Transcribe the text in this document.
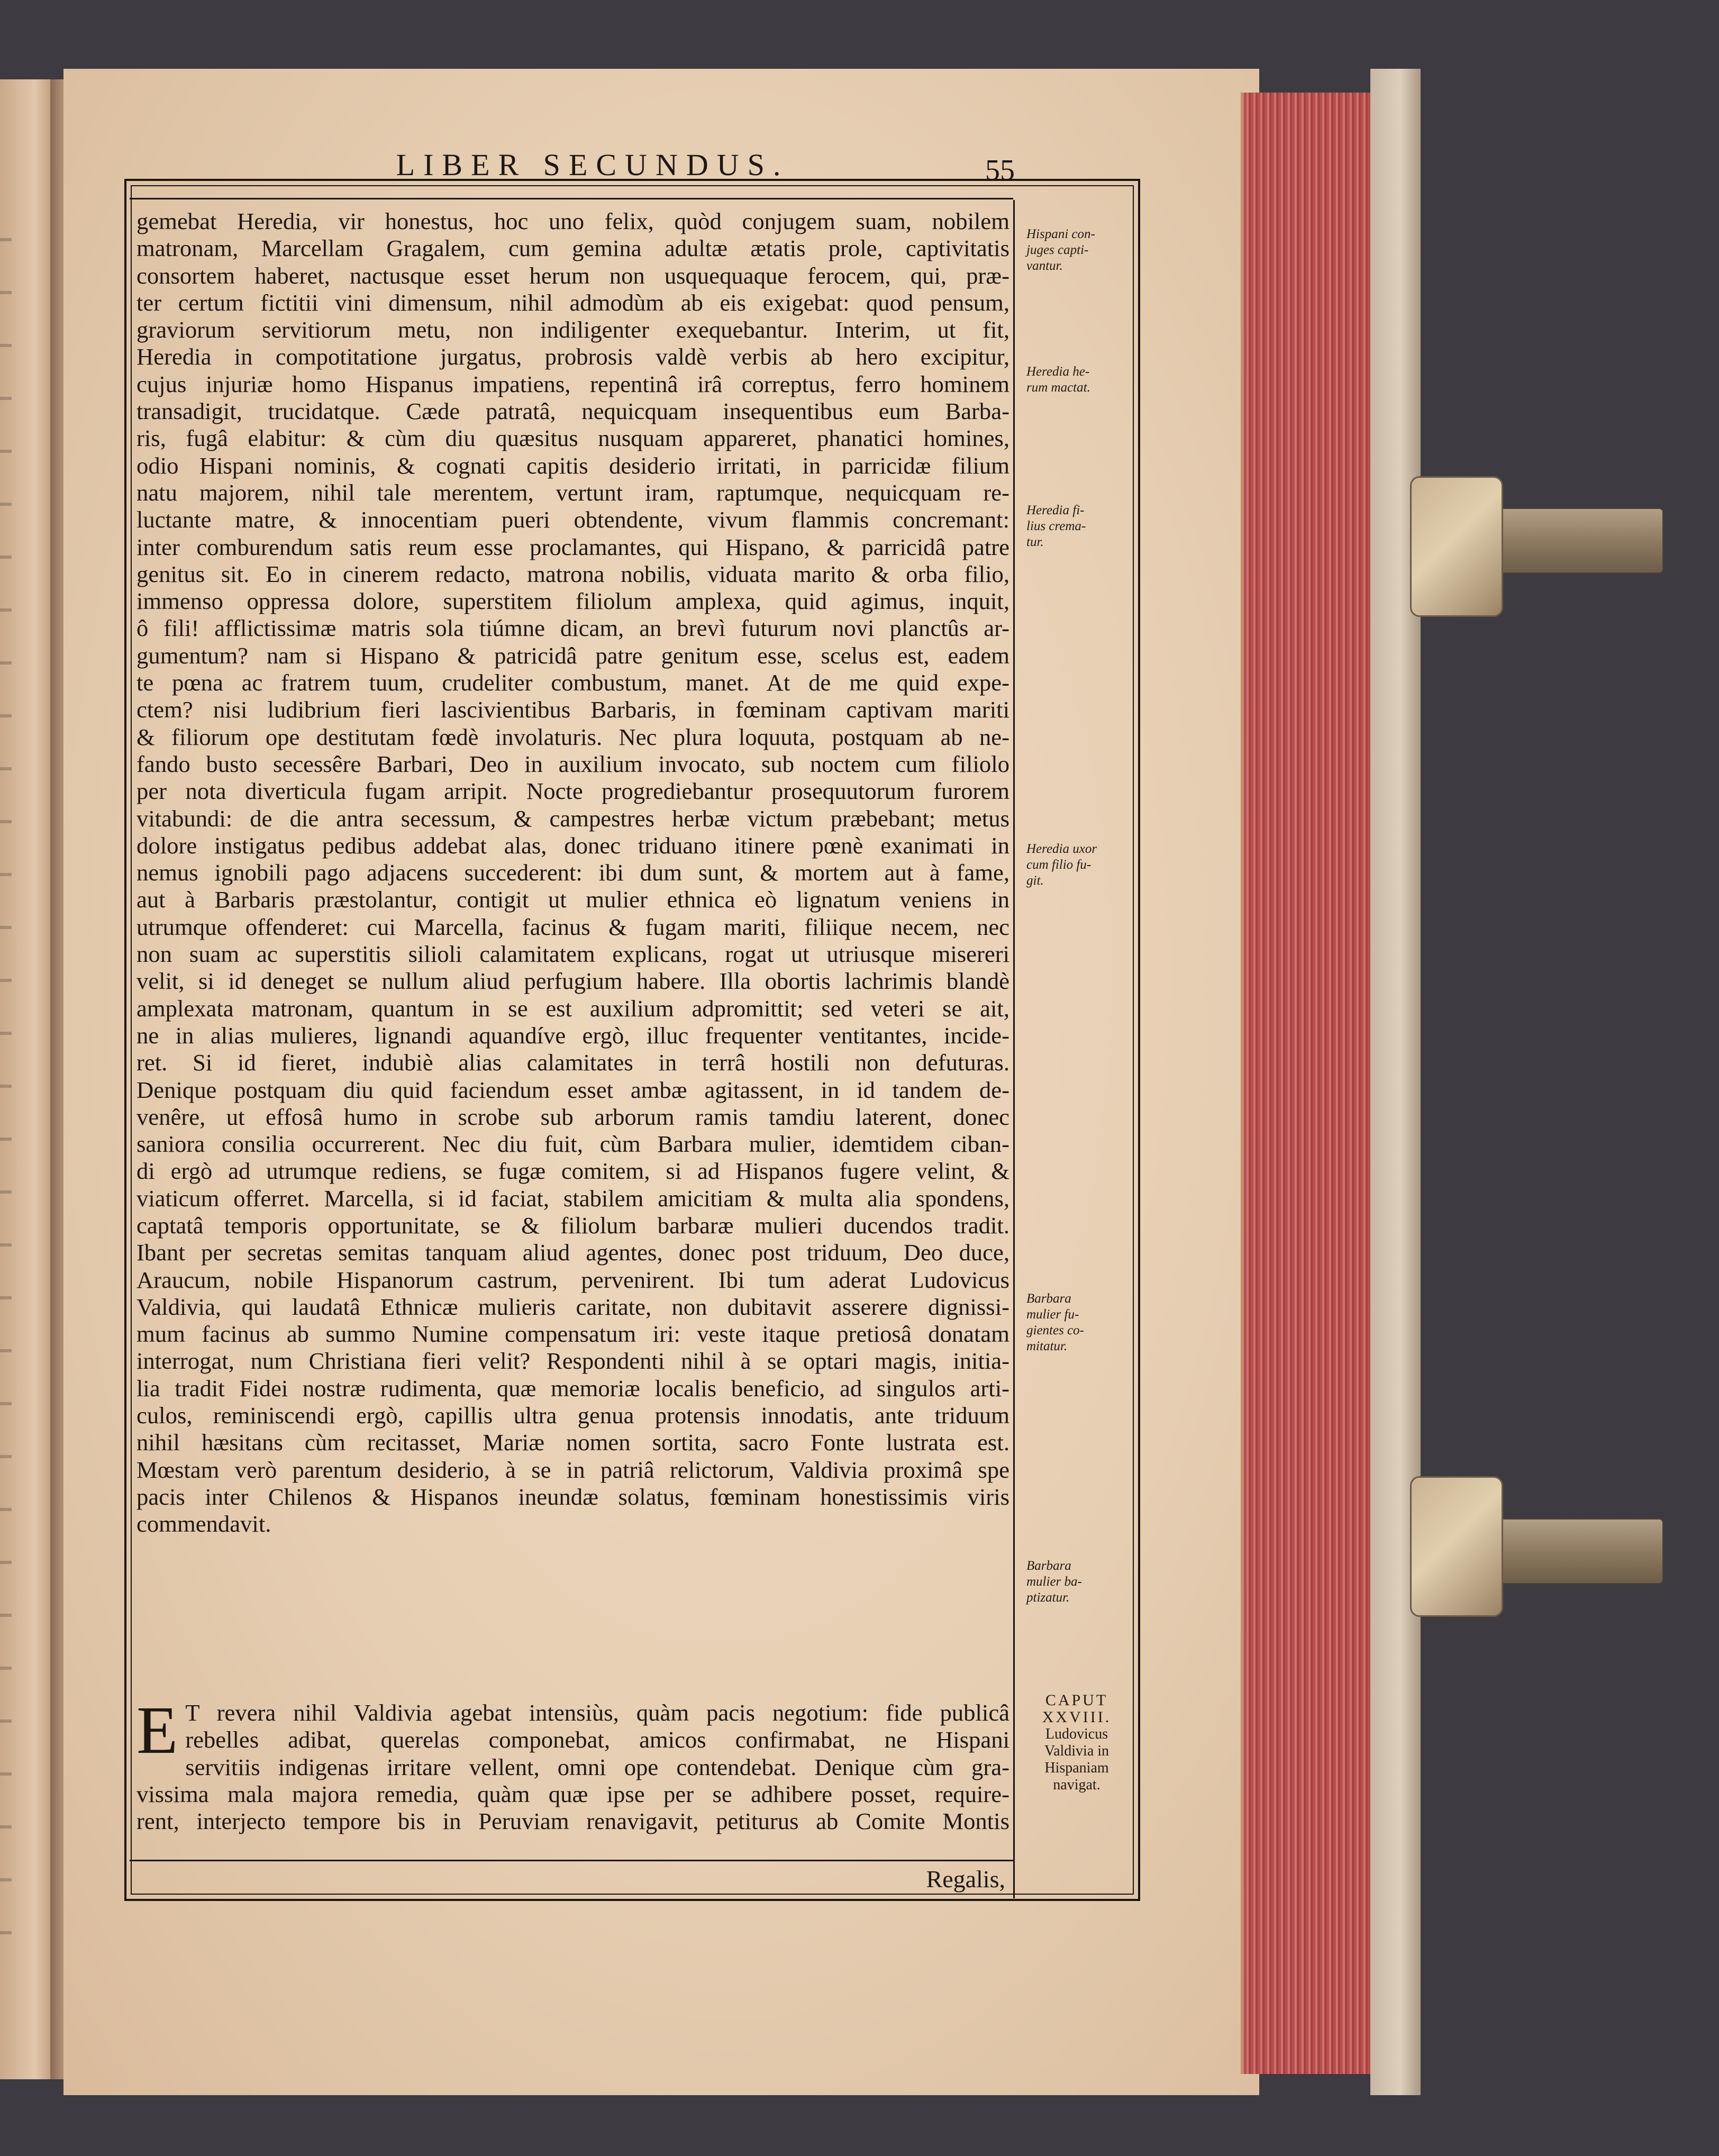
LIBER SECUNDUS.	55
gemebat Heredia, vir honestus, hoc uno felix, quòd conjugem suam, nobilem
matronam, Marcellam Gragalem, cum gemina adultæ ætatis prole, captivitatis
consortem haberet, nactusque esset herum non usquequaque ferocem, qui, præ-
ter certum fictitii vini dimensum, nihil admodùm ab eis exigebat: quod pensum,
graviorum servitiorum metu, non indiligenter exequebantur. Interim, ut fit,
Heredia in compotitatione jurgatus, probrosis valdè verbis ab hero excipitur,
cujus injuriæ homo Hispanus impatiens, repentinâ irâ correptus, ferro hominem
transadigit, trucidatque. Cæde patratâ, nequicquam insequentibus eum Barba-
ris, fugâ elabitur: & cùm diu quæsitus nusquam appareret, phanatici homines,
odio Hispani nominis, & cognati capitis desiderio irritati, in parricidæ filium
natu majorem, nihil tale merentem, vertunt iram, raptumque, nequicquam re-
luctante matre, & innocentiam pueri obtendente, vivum flammis concremant:
inter comburendum satis reum esse proclamantes, qui Hispano, & parricidâ patre
genitus sit. Eo in cinerem redacto, matrona nobilis, viduata marito & orba filio,
immenso oppressa dolore, superstitem filiolum amplexa, quid agimus, inquit,
ô fili! afflictissimæ matris sola tiúmne dicam, an brevì futurum novi planctûs ar-
gumentum? nam si Hispano & patricidâ patre genitum esse, scelus est, eadem
te pœna ac fratrem tuum, crudeliter combustum, manet. At de me quid expe-
ctem? nisi ludibrium fieri lascivientibus Barbaris, in fœminam captivam mariti
& filiorum ope destitutam fœdè involaturis. Nec plura loquuta, postquam ab ne-
fando busto secessêre Barbari, Deo in auxilium invocato, sub noctem cum filiolo
per nota diverticula fugam arripit. Nocte progrediebantur prosequutorum furorem
vitabundi: de die antra secessum, & campestres herbæ victum præbebant; metus
dolore instigatus pedibus addebat alas, donec triduano itinere pœnè exanimati in
nemus ignobili pago adjacens succederent: ibi dum sunt, & mortem aut à fame,
aut à Barbaris præstolantur, contigit ut mulier ethnica eò lignatum veniens in
utrumque offenderet: cui Marcella, facinus & fugam mariti, filiique necem, nec
non suam ac superstitis silioli calamitatem explicans, rogat ut utriusque misereri
velit, si id deneget se nullum aliud perfugium habere. Illa obortis lachrimis blandè
amplexata matronam, quantum in se est auxilium adpromittit; sed veteri se ait,
ne in alias mulieres, lignandi aquandíve ergò, illuc frequenter ventitantes, incide-
ret. Si id fieret, indubiè alias calamitates in terrâ hostili non defuturas.
Denique postquam diu quid faciendum esset ambæ agitassent, in id tandem de-
venêre, ut effosâ humo in scrobe sub arborum ramis tamdiu laterent, donec
saniora consilia occurrerent. Nec diu fuit, cùm Barbara mulier, idemtidem ciban-
di ergò ad utrumque rediens, se fugæ comitem, si ad Hispanos fugere velint, &
viaticum offerret. Marcella, si id faciat, stabilem amicitiam & multa alia spondens,
captatâ temporis opportunitate, se & filiolum barbaræ mulieri ducendos tradit.
Ibant per secretas semitas tanquam aliud agentes, donec post triduum, Deo duce,
Araucum, nobile Hispanorum castrum, pervenirent. Ibi tum aderat Ludovicus
Valdivia, qui laudatâ Ethnicæ mulieris caritate, non dubitavit asserere dignissi-
mum facinus ab summo Numine compensatum iri: veste itaque pretiosâ donatam
interrogat, num Christiana fieri velit? Respondenti nihil à se optari magis, initia-
lia tradit Fidei nostræ rudimenta, quæ memoriæ localis beneficio, ad singulos arti-
culos, reminiscendi ergò, capillis ultra genua protensis innodatis, ante triduum
nihil hæsitans cùm recitasset, Mariæ nomen sortita, sacro Fonte lustrata est.
Mœstam verò parentum desiderio, à se in patriâ relictorum, Valdivia proximâ spe
pacis inter Chilenos & Hispanos ineundæ solatus, fœminam honestissimis viris
commendavit.
E T revera nihil Valdivia agebat intensiùs, quàm pacis negotium: fide publicâ
rebelles adibat, querelas componebat, amicos confirmabat, ne Hispani
servitiis indigenas irritare vellent, omni ope contendebat. Denique cùm gra-
vissima mala majora remedia, quàm quæ ipse per se adhibere posset, require-
rent, interjecto tempore bis in Peruviam renavigavit, petiturus ab Comite Montis
Regalis,
Hispani con-
juges capti-
vantur.
Heredia he-
rum mactat.
Heredia fi-
lius crema-
tur.
Heredia uxor
cum filio fu-
git.
Barbara
mulier fu-
gientes co-
mitatur.
Barbara
mulier ba-
ptizatur.
CAPUT
XXVIII.
Ludovicus
Valdivia in
Hispaniam
navigat.
